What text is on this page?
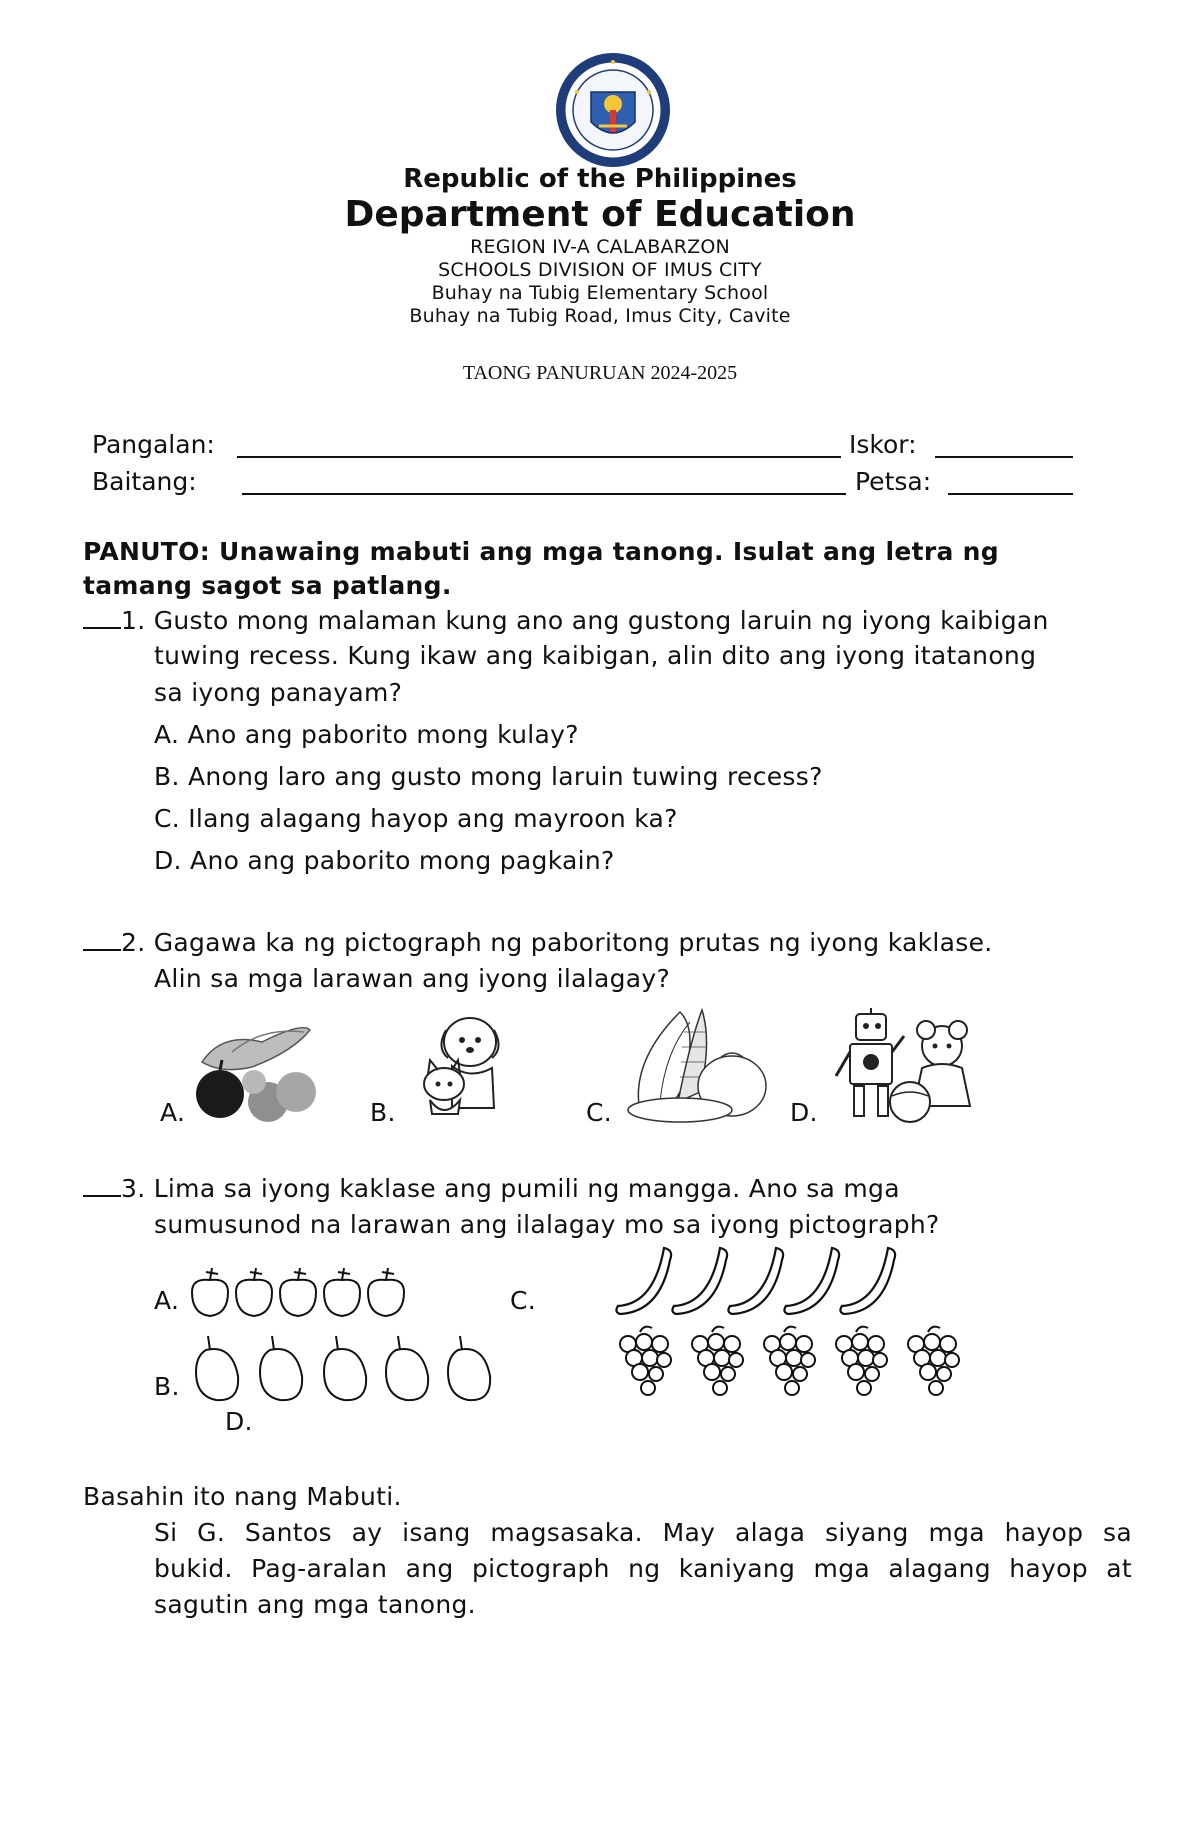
Republic of the Philippines
Department of Education
REGION IV-A CALABARZON
SCHOOLS DIVISION OF IMUS CITY
Buhay na Tubig Elementary School
Buhay na Tubig Road, Imus City, Cavite
TAONG PANURUAN 2024-2025
Pangalan:	Iskor:
Baitang:	Petsa:
PANUTO: Unawaing mabuti ang mga tanong. Isulat ang letra ng
tamang sagot sa patlang.
1. Gusto mong malaman kung ano ang gustong laruin ng iyong kaibigan
tuwing recess. Kung ikaw ang kaibigan, alin dito ang iyong itatanong
sa iyong panayam?
A. Ano ang paborito mong kulay?
B. Anong laro ang gusto mong laruin tuwing recess?
C. Ilang alagang hayop ang mayroon ka?
D. Ano ang paborito mong pagkain?
2. Gagawa ka ng pictograph ng paboritong prutas ng iyong kaklase.
Alin sa mga larawan ang iyong ilalagay?
A.	B.	C.	D.
3. Lima sa iyong kaklase ang pumili ng mangga. Ano sa mga
sumusunod na larawan ang ilalagay mo sa iyong pictograph?
A.	C.
B.
D.
Basahin ito nang Mabuti.
Si G. Santos ay isang magsasaka. May alaga siyang mga hayop sa
bukid. Pag-aralan ang pictograph ng kaniyang mga alagang hayop at
sagutin ang mga tanong.
